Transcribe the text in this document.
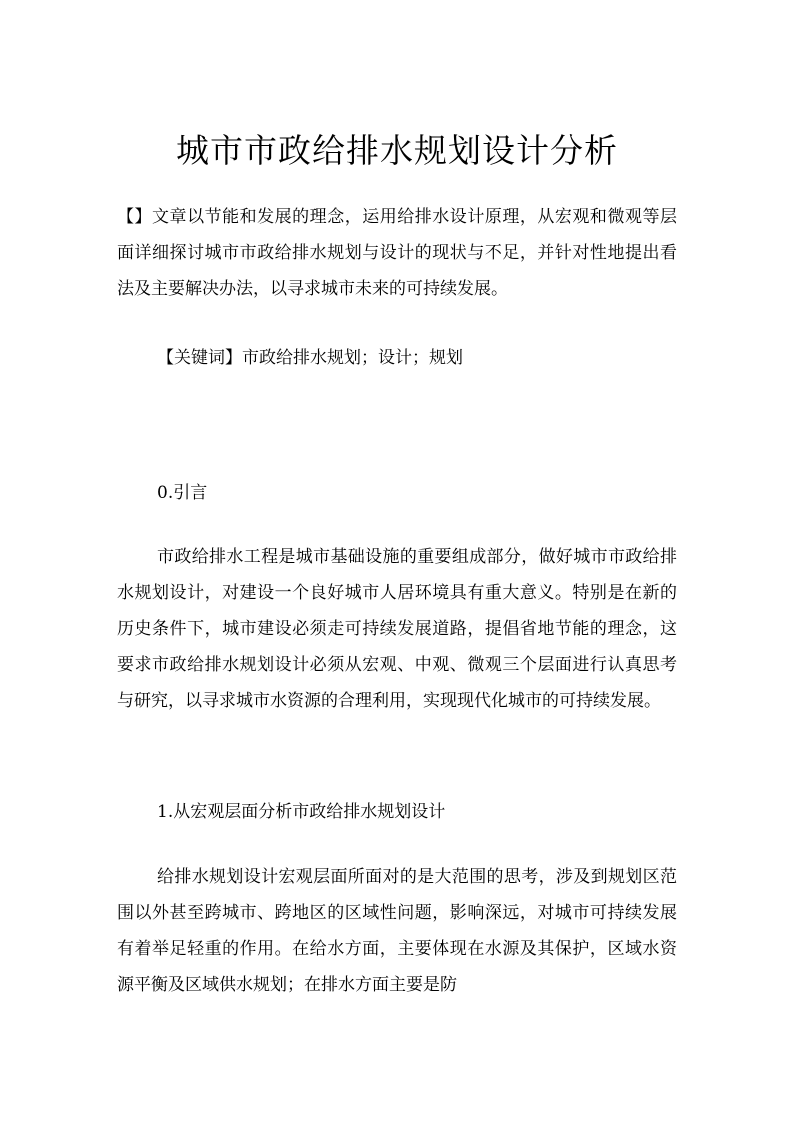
城市市政给排水规划设计分析

【】文章以节能和发展的理念，运用给排水设计原理，从宏观和微观等层面详细探讨城市市政给排水规划与设计的现状与不足，并针对性地提出看法及主要解决办法，以寻求城市未来的可持续发展。

【关键词】市政给排水规划；设计；规划

0.引言

市政给排水工程是城市基础设施的重要组成部分，做好城市市政给排水规划设计，对建设一个良好城市人居环境具有重大意义。特别是在新的历史条件下，城市建设必须走可持续发展道路，提倡省地节能的理念，这要求市政给排水规划设计必须从宏观、中观、微观三个层面进行认真思考与研究，以寻求城市水资源的合理利用，实现现代化城市的可持续发展。

1.从宏观层面分析市政给排水规划设计

给排水规划设计宏观层面所面对的是大范围的思考，涉及到规划区范围以外甚至跨城市、跨地区的区域性问题，影响深远，对城市可持续发展有着举足轻重的作用。在给水方面，主要体现在水源及其保护，区域水资源平衡及区域供水规划；在排水方面主要是防
